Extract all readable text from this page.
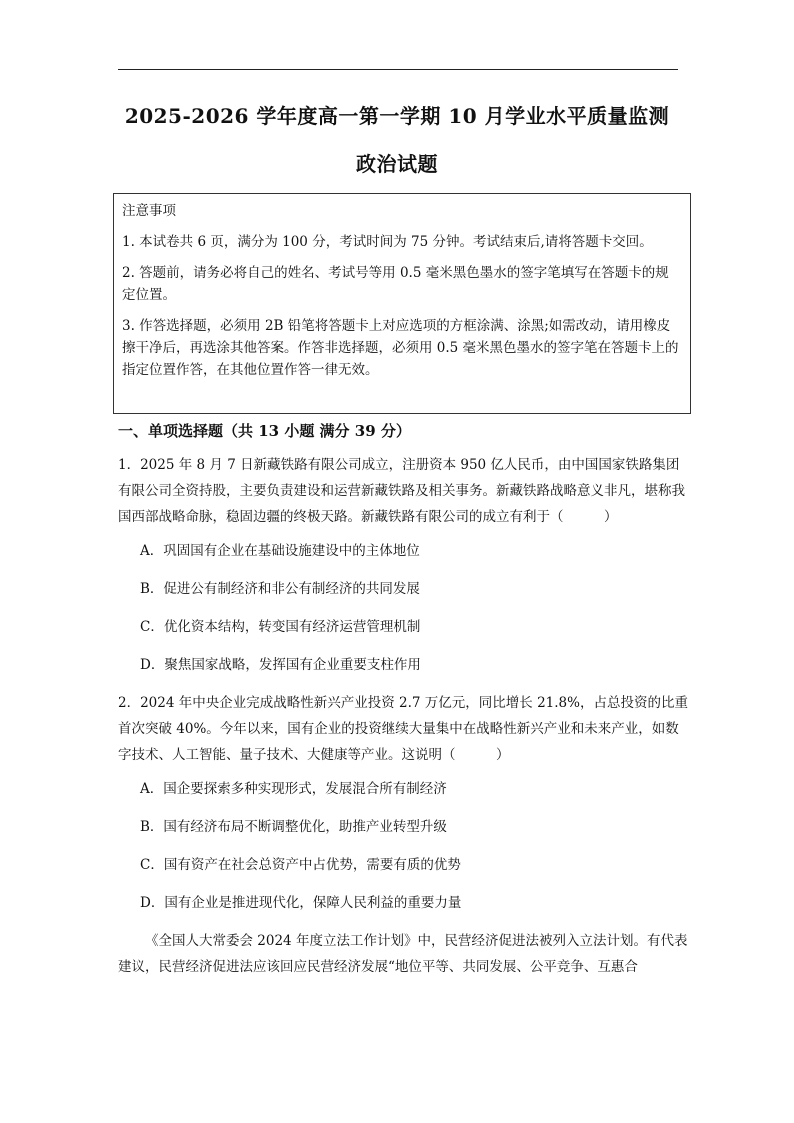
2025-2026 学年度高一第一学期 10 月学业水平质量监测
政治试题
注意事项
1. 本试卷共 6 页，满分为 100 分，考试时间为 75 分钟。考试结束后,请将答题卡交回。
2. 答题前，请务必将自己的姓名、考试号等用 0.5 毫米黑色墨水的签字笔填写在答题卡的规定位置。
3. 作答选择题，必须用 2B 铅笔将答题卡上对应选项的方框涂满、涂黑;如需改动，请用橡皮擦干净后，再选涂其他答案。作答非选择题，必须用 0.5 毫米黑色墨水的签字笔在答题卡上的指定位置作答，在其他位置作答一律无效。
一、单项选择题（共 13 小题 满分 39 分）

1．2025 年 8 月 7 日新藏铁路有限公司成立，注册资本 950 亿人民币，由中国国家铁路集团有限公司全资持股，主要负责建设和运营新藏铁路及相关事务。新藏铁路战略意义非凡，堪称我国西部战略命脉，稳固边疆的终极天路。新藏铁路有限公司的成立有利于（　　　）

A．巩固国有企业在基础设施建设中的主体地位

B．促进公有制经济和非公有制经济的共同发展

C．优化资本结构，转变国有经济运营管理机制

D．聚焦国家战略，发挥国有企业重要支柱作用

2．2024 年中央企业完成战略性新兴产业投资 2.7 万亿元，同比增长 21.8%，占总投资的比重首次突破 40%。今年以来，国有企业的投资继续大量集中在战略性新兴产业和未来产业，如数字技术、人工智能、量子技术、大健康等产业。这说明（　　　）

A．国企要探索多种实现形式，发展混合所有制经济

B．国有经济布局不断调整优化，助推产业转型升级

C．国有资产在社会总资产中占优势，需要有质的优势

D．国有企业是推进现代化，保障人民利益的重要力量

《全国人大常委会 2024 年度立法工作计划》中，民营经济促进法被列入立法计划。有代表建议，民营经济促进法应该回应民营经济发展“地位平等、共同发展、公平竞争、互惠合
